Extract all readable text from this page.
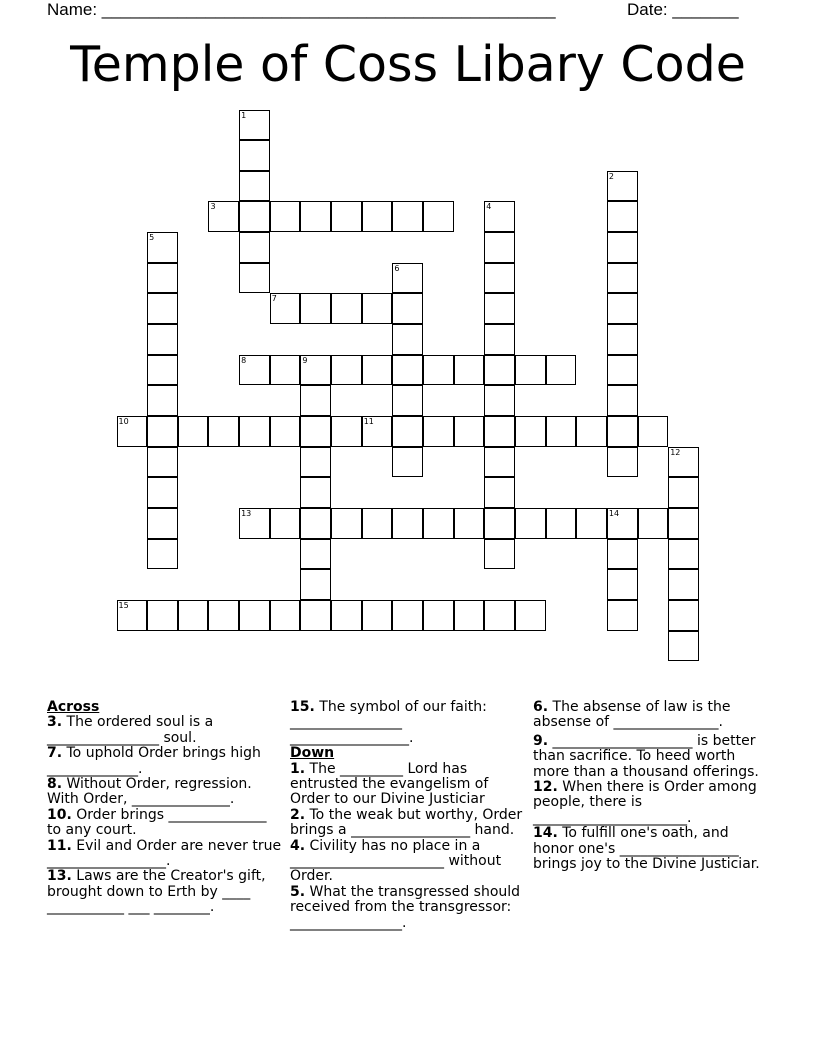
Name: ________________________________________________	Date: _______
Temple of Coss Libary Code
1
2
3	4
5
6
7
8	9
10	11
12
13	14
15
Across
3. The ordered soul is a ________________ soul.
7. To uphold Order brings high _____________.
8. Without Order, regression. With Order, ______________.
10. Order brings ______________ to any court.
11. Evil and Order are never true _________________.
13. Laws are the Creator's gift, brought down to Erth by ____ ___________ ___ ________.
15. The symbol of our faith: ________________ _________________.
Down
1. The _________ Lord has entrusted the evangelism of Order to our Divine Justiciar
2. To the weak but worthy, Order brings a _________________ hand.
4. Civility has no place in a ______________________ without Order.
5. What the transgressed should received from the transgressor: ________________.
6. The absense of law is the absense of _______________.
9. ____________________ is better than sacrifice. To heed worth more than a thousand offerings.
12. When there is Order among people, there is ______________________.
14. To fulfill one's oath, and honor one's _________________ brings joy to the Divine Justiciar.
